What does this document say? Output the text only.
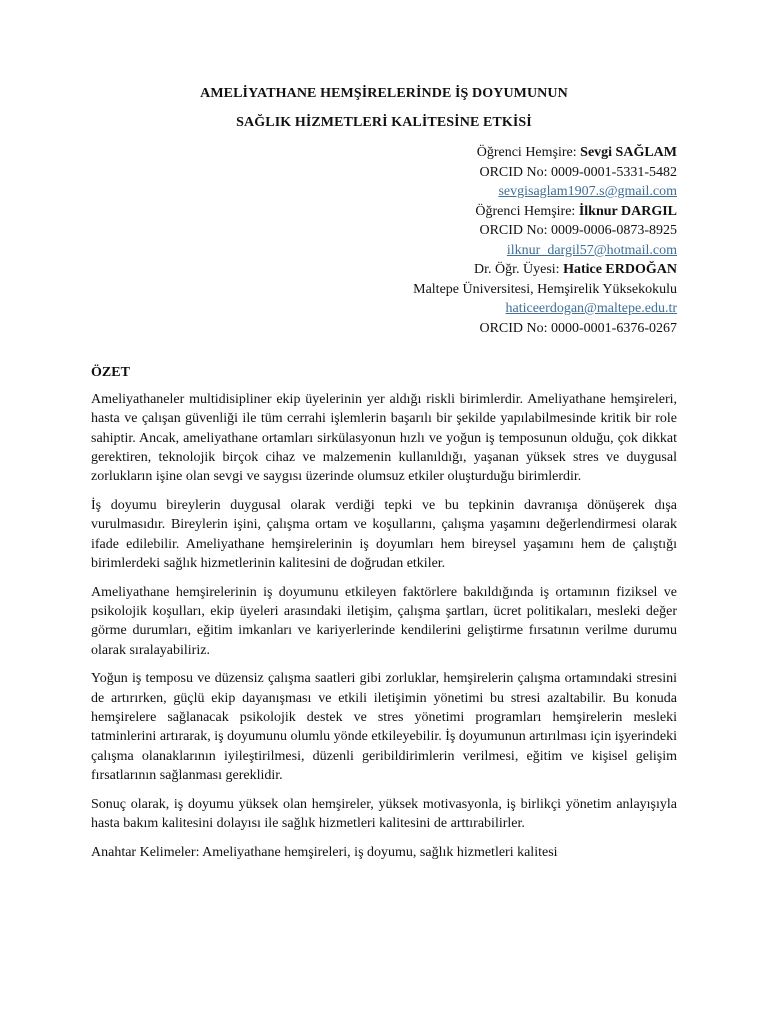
AMELİYATHANE HEMŞİRELERİNDE İŞ DOYUMUNUN
SAĞLIK HİZMETLERİ KALİTESİNE ETKİSİ
Öğrenci Hemşire: Sevgi SAĞLAM
ORCID No: 0009-0001-5331-5482
sevgisaglam1907.s@gmail.com
Öğrenci Hemşire: İlknur DARGIL
ORCID No: 0009-0006-0873-8925
ilknur_dargil57@hotmail.com
Dr. Öğr. Üyesi: Hatice ERDOĞAN
Maltepe Üniversitesi, Hemşirelik Yüksekokulu
haticeerdogan@maltepe.edu.tr
ORCID No: 0000-0001-6376-0267
ÖZET

Ameliyathaneler multidisipliner ekip üyelerinin yer aldığı riskli birimlerdir. Ameliyathane hemşireleri, hasta ve çalışan güvenliği ile tüm cerrahi işlemlerin başarılı bir şekilde yapılabilmesinde kritik bir role sahiptir. Ancak, ameliyathane ortamları sirkülasyonun hızlı ve yoğun iş temposunun olduğu, çok dikkat gerektiren, teknolojik birçok cihaz ve malzemenin kullanıldığı, yaşanan yüksek stres ve duygusal zorlukların işine olan sevgi ve saygısı üzerinde olumsuz etkiler oluşturduğu birimlerdir.

İş doyumu bireylerin duygusal olarak verdiği tepki ve bu tepkinin davranışa dönüşerek dışa vurulmasıdır. Bireylerin işini, çalışma ortam ve koşullarını, çalışma yaşamını değerlendirmesi olarak ifade edilebilir. Ameliyathane hemşirelerinin iş doyumları hem bireysel yaşamını hem de çalıştığı birimlerdeki sağlık hizmetlerinin kalitesini de doğrudan etkiler.

Ameliyathane hemşirelerinin iş doyumunu etkileyen faktörlere bakıldığında iş ortamının fiziksel ve psikolojik koşulları, ekip üyeleri arasındaki iletişim, çalışma şartları, ücret politikaları, mesleki değer görme durumları, eğitim imkanları ve kariyerlerinde kendilerini geliştirme fırsatının verilme durumu olarak sıralayabiliriz.

Yoğun iş temposu ve düzensiz çalışma saatleri gibi zorluklar, hemşirelerin çalışma ortamındaki stresini de artırırken, güçlü ekip dayanışması ve etkili iletişimin yönetimi bu stresi azaltabilir. Bu konuda hemşirelere sağlanacak psikolojik destek ve stres yönetimi programları hemşirelerin mesleki tatminlerini artırarak, iş doyumunu olumlu yönde etkileyebilir. İş doyumunun artırılması için işyerindeki çalışma olanaklarının iyileştirilmesi, düzenli geribildirimlerin verilmesi, eğitim ve kişisel gelişim fırsatlarının sağlanması gereklidir.

Sonuç olarak, iş doyumu yüksek olan hemşireler, yüksek motivasyonla, iş birlikçi yönetim anlayışıyla hasta bakım kalitesini dolayısı ile sağlık hizmetleri kalitesini de arttırabilirler.

Anahtar Kelimeler: Ameliyathane hemşireleri, iş doyumu, sağlık hizmetleri kalitesi
